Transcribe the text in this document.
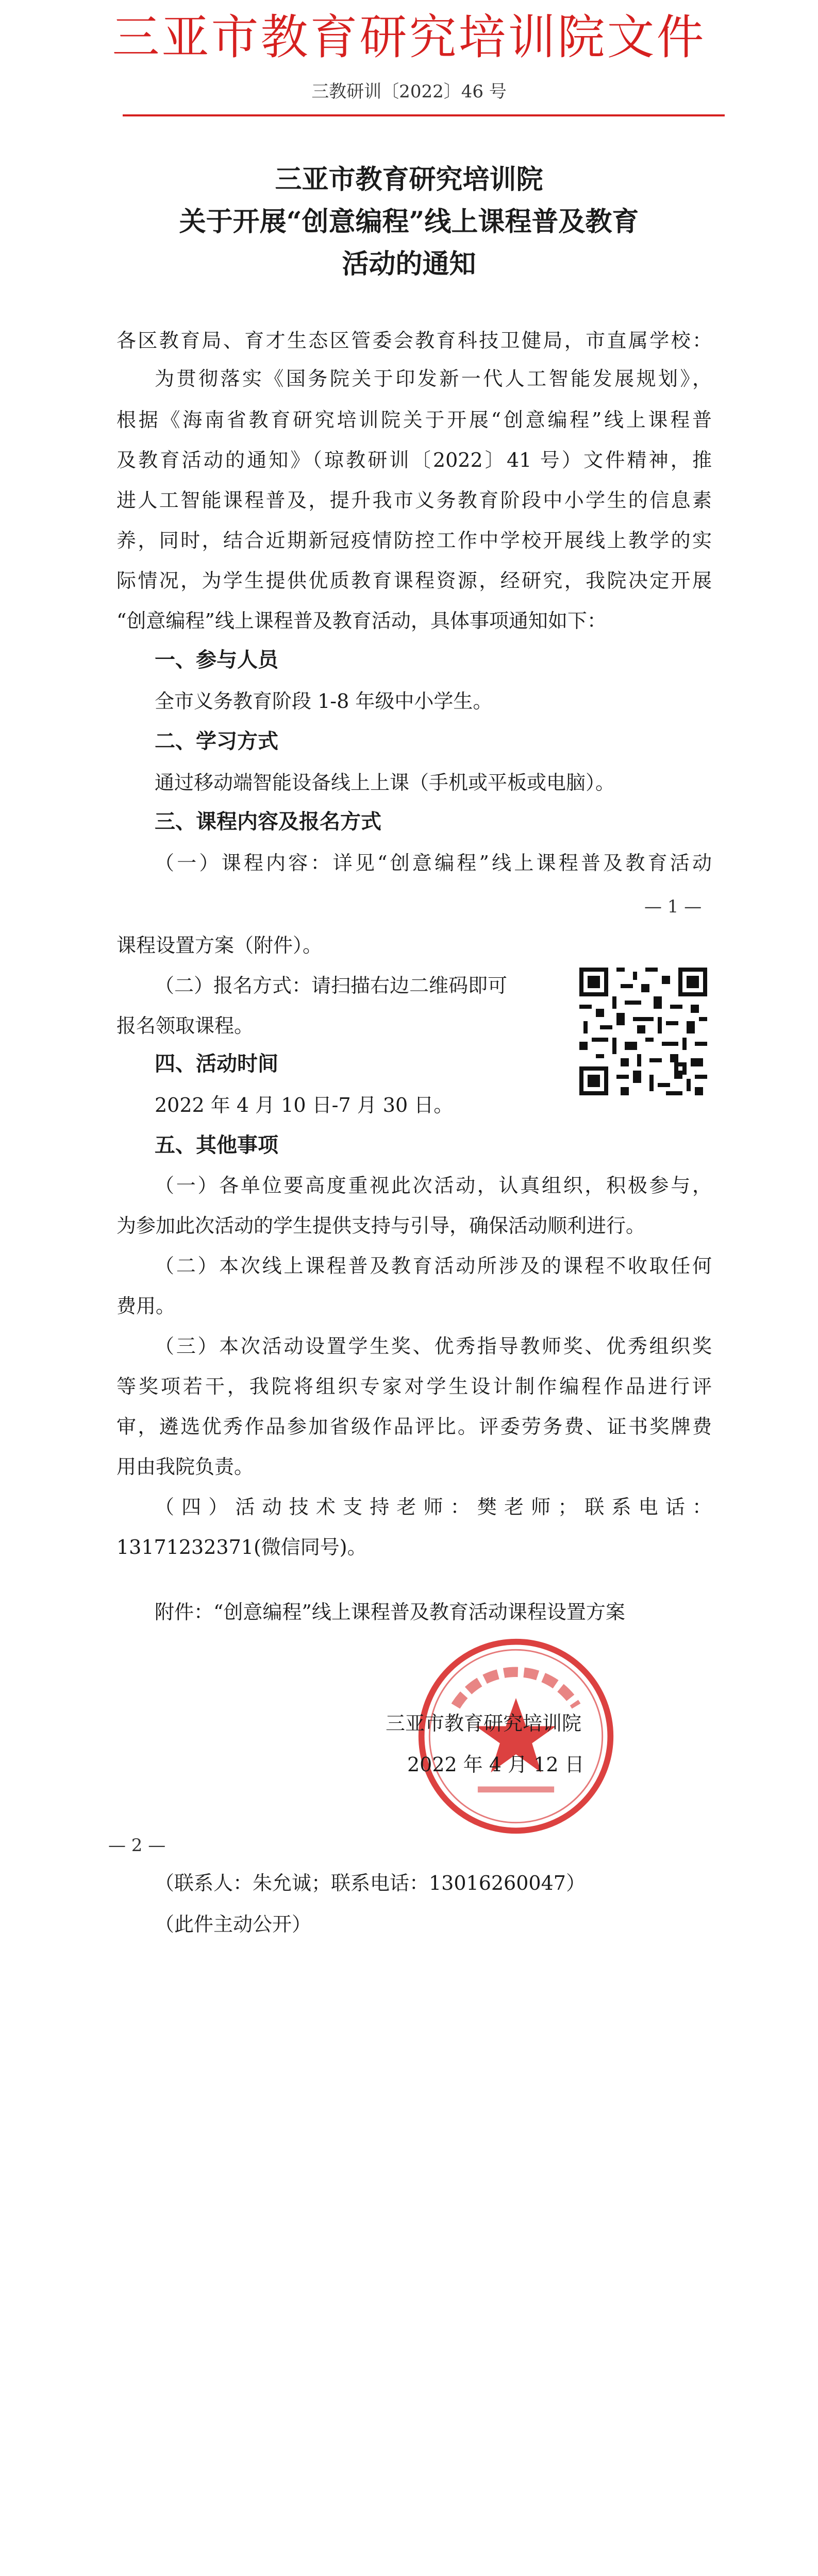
三亚市教育研究培训院文件
三教研训〔2022〕46 号
三亚市教育研究培训院
关于开展“创意编程”线上课程普及教育
活动的通知
各区教育局、育才生态区管委会教育科技卫健局，市直属学校：
为贯彻落实《国务院关于印发新一代人工智能发展规划》，
根据《海南省教育研究培训院关于开展“创意编程”线上课程普
及教育活动的通知》（琼教研训〔2022〕41 号）文件精神，推
进人工智能课程普及，提升我市义务教育阶段中小学生的信息素
养，同时，结合近期新冠疫情防控工作中学校开展线上教学的实
际情况，为学生提供优质教育课程资源，经研究，我院决定开展
“创意编程”线上课程普及教育活动，具体事项通知如下：
一、参与人员
全市义务教育阶段 1-8 年级中小学生。
二、学习方式
通过移动端智能设备线上上课（手机或平板或电脑）。
三、课程内容及报名方式
（一）课程内容：详见“创意编程”线上课程普及教育活动
— 1 —
课程设置方案（附件）。
（二）报名方式：请扫描右边二维码即可
报名领取课程。
四、活动时间
2022 年 4 月 10 日-7 月 30 日。
五、其他事项
（一）各单位要高度重视此次活动，认真组织，积极参与，
为参加此次活动的学生提供支持与引导，确保活动顺利进行。
（二）本次线上课程普及教育活动所涉及的课程不收取任何
费用。
（三）本次活动设置学生奖、优秀指导教师奖、优秀组织奖
等奖项若干，我院将组织专家对学生设计制作编程作品进行评
审，遴选优秀作品参加省级作品评比。评委劳务费、证书奖牌费
用由我院负责。
（四）活动技术支持老师：樊老师；联系电话：
13171232371(微信同号)。
附件：“创意编程”线上课程普及教育活动课程设置方案
三亚市教育研究培训院
2022 年 4 月 12 日
— 2 —
（联系人：朱允诚；联系电话：13016260047）
（此件主动公开）
